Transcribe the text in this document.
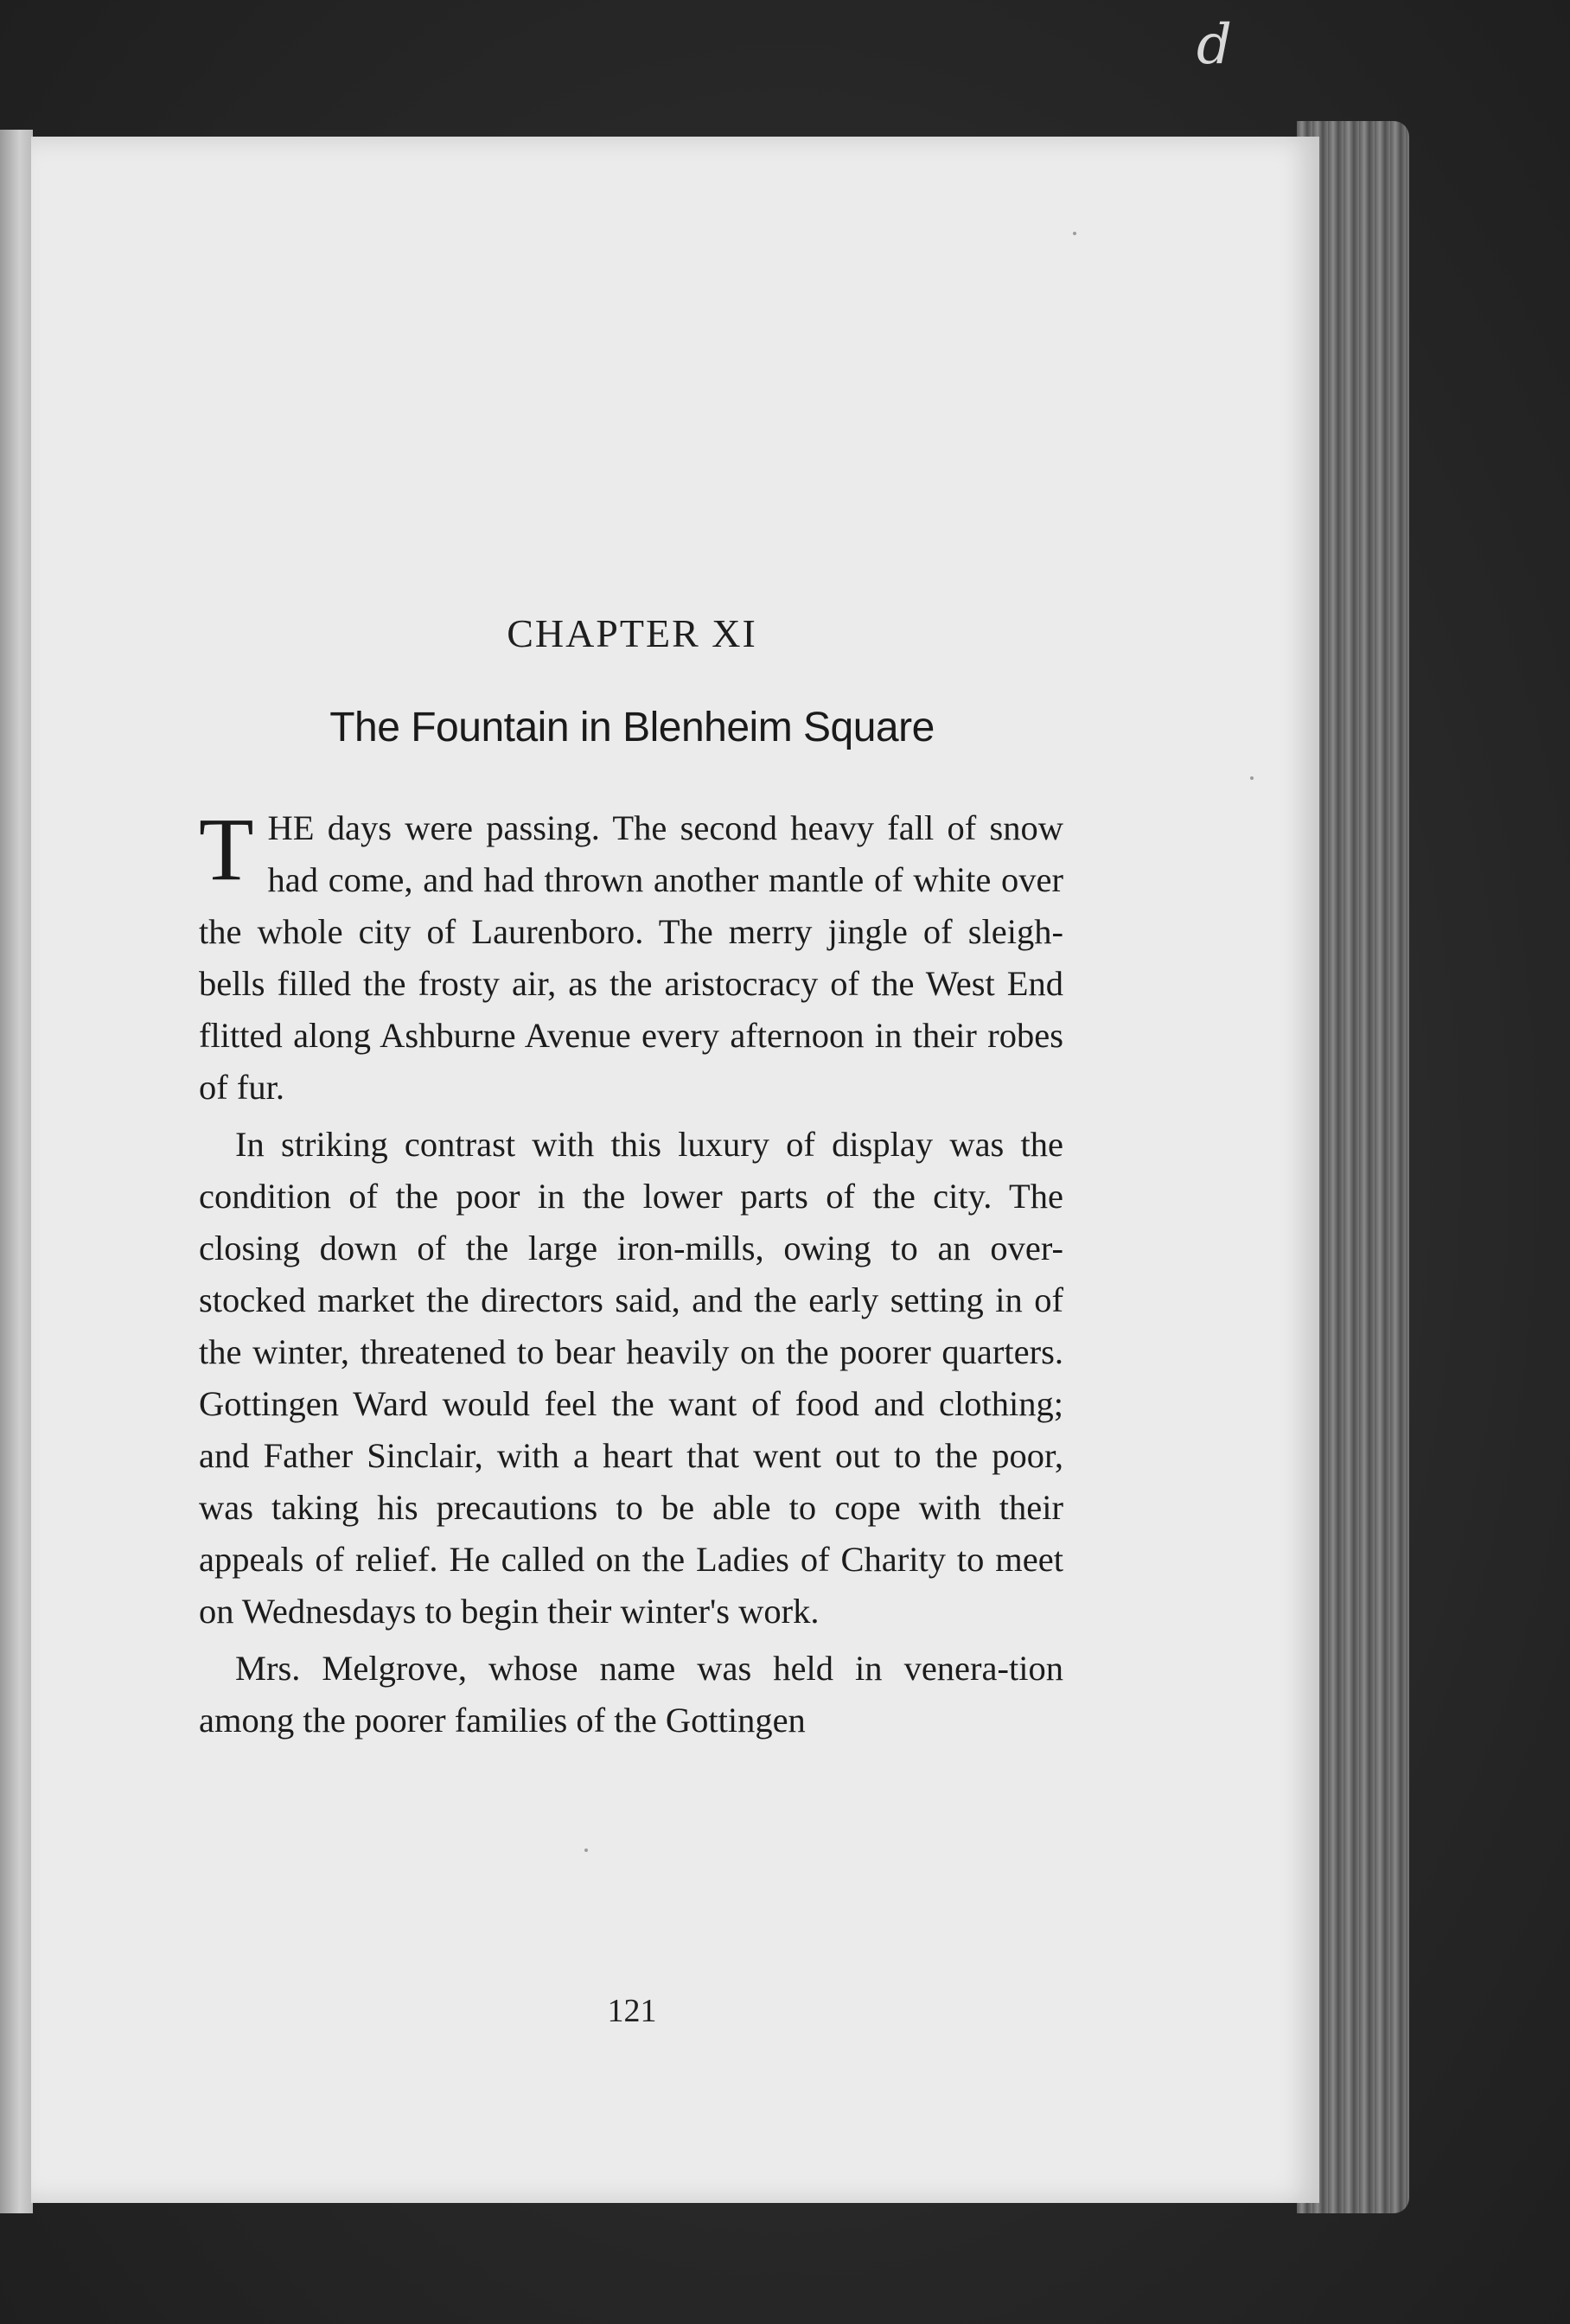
d
CHAPTER XI
The Fountain in Blenheim Square

THE days were passing. The second heavy fall of snow had come, and had thrown another mantle of white over the whole city of Laurenboro. The merry jingle of sleigh-bells filled the frosty air, as the aristocracy of the West End flitted along Ashburne Avenue every afternoon in their robes of fur.

In striking contrast with this luxury of display was the condition of the poor in the lower parts of the city. The closing down of the large iron-mills, owing to an over-stocked market the directors said, and the early setting in of the winter, threatened to bear heavily on the poorer quarters. Gottingen Ward would feel the want of food and clothing; and Father Sinclair, with a heart that went out to the poor, was taking his precautions to be able to cope with their appeals of relief. He called on the Ladies of Charity to meet on Wednesdays to begin their winter's work.

Mrs. Melgrove, whose name was held in venera-tion among the poorer families of the Gottingen

121
